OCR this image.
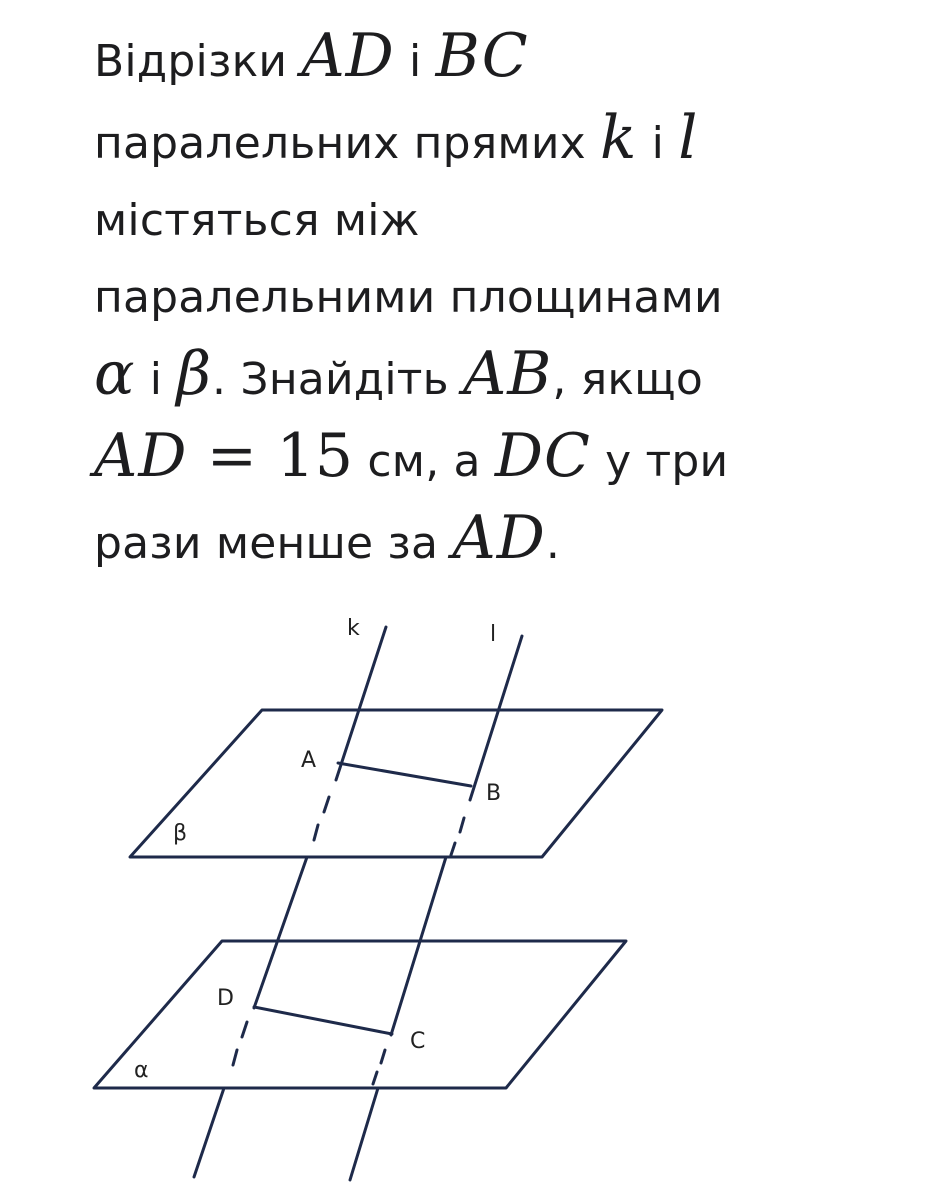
Відрізки AD і BC
паралельних прямих k і l
містяться між
паралельними площинами
α і β. Знайдіть AB, якщо
AD = 15 см, а DC у три
рази менше за AD.
k	l
A
B
D
C
β
α
